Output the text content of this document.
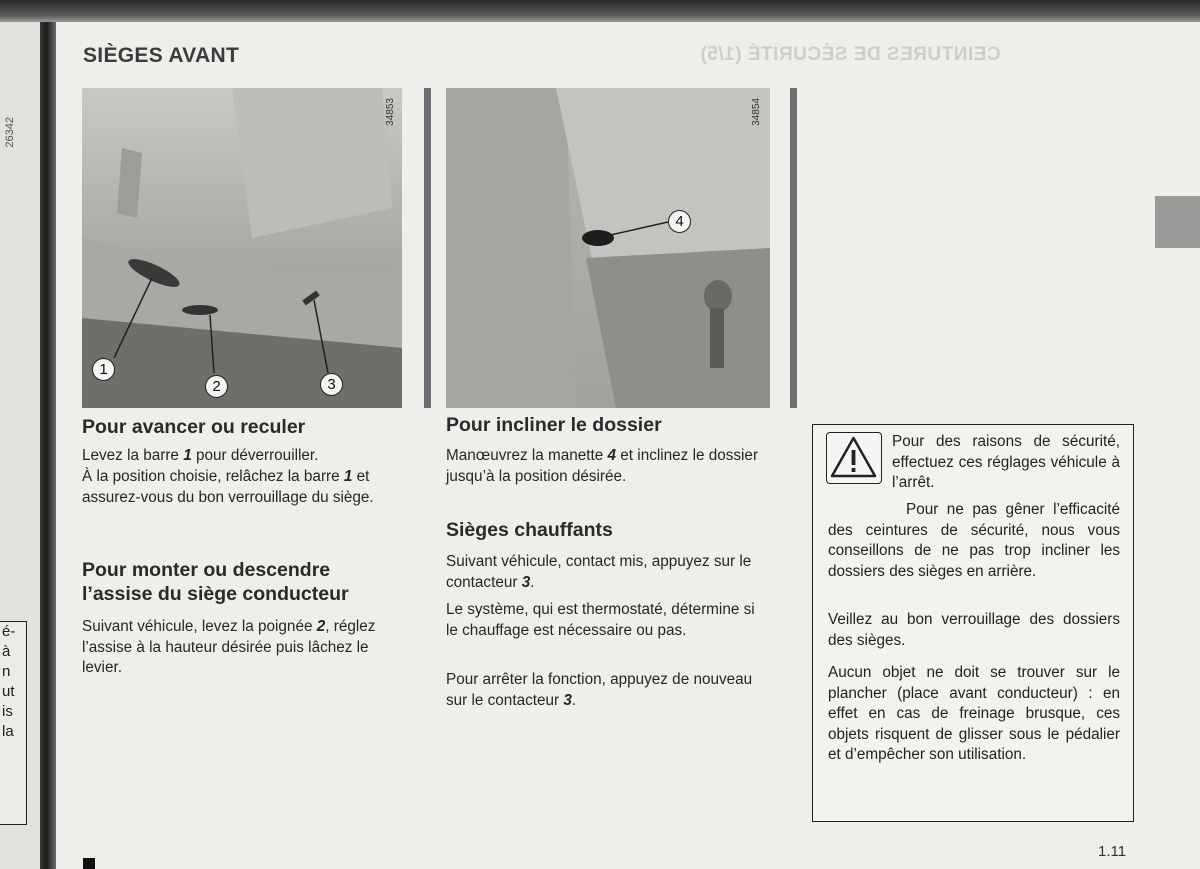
26342
é-
à
n
ut
is
la
CEINTURES DE SÉCURITÉ (1/5)
SIÈGES AVANT
34853
1
2	3
34854
4
Pour avancer ou reculer

Levez la barre 1 pour déverrouiller.

À la position choisie, relâchez la barre 1 et assurez-vous du bon verrouillage du siège.

Pour monter ou descendre l’assise du siège conducteur

Suivant véhicule, levez la poignée 2, réglez l’assise à la hauteur désirée puis lâchez le levier.

Pour incliner le dossier

Manœuvrez la manette 4 et inclinez le dossier jusqu’à la position désirée.

Sièges chauffants

Suivant véhicule, contact mis, appuyez sur le contacteur 3.

Le système, qui est thermostaté, détermine si le chauffage est nécessaire ou pas.

Pour arrêter la fonction, appuyez de nouveau sur le contacteur 3.

Pour des raisons de sécurité, effectuez ces réglages véhicule à l’arrêt.

Pour ne pas gêner l’efficacité des ceintures de sécurité, nous vous conseillons de ne pas trop incliner les dossiers des sièges en arrière.

Veillez au bon verrouillage des dossiers des sièges.

Aucun objet ne doit se trouver sur le plancher (place avant conducteur) : en effet en cas de freinage brusque, ces objets risquent de glisser sous le pédalier et d’empêcher son utilisation.

1.11
